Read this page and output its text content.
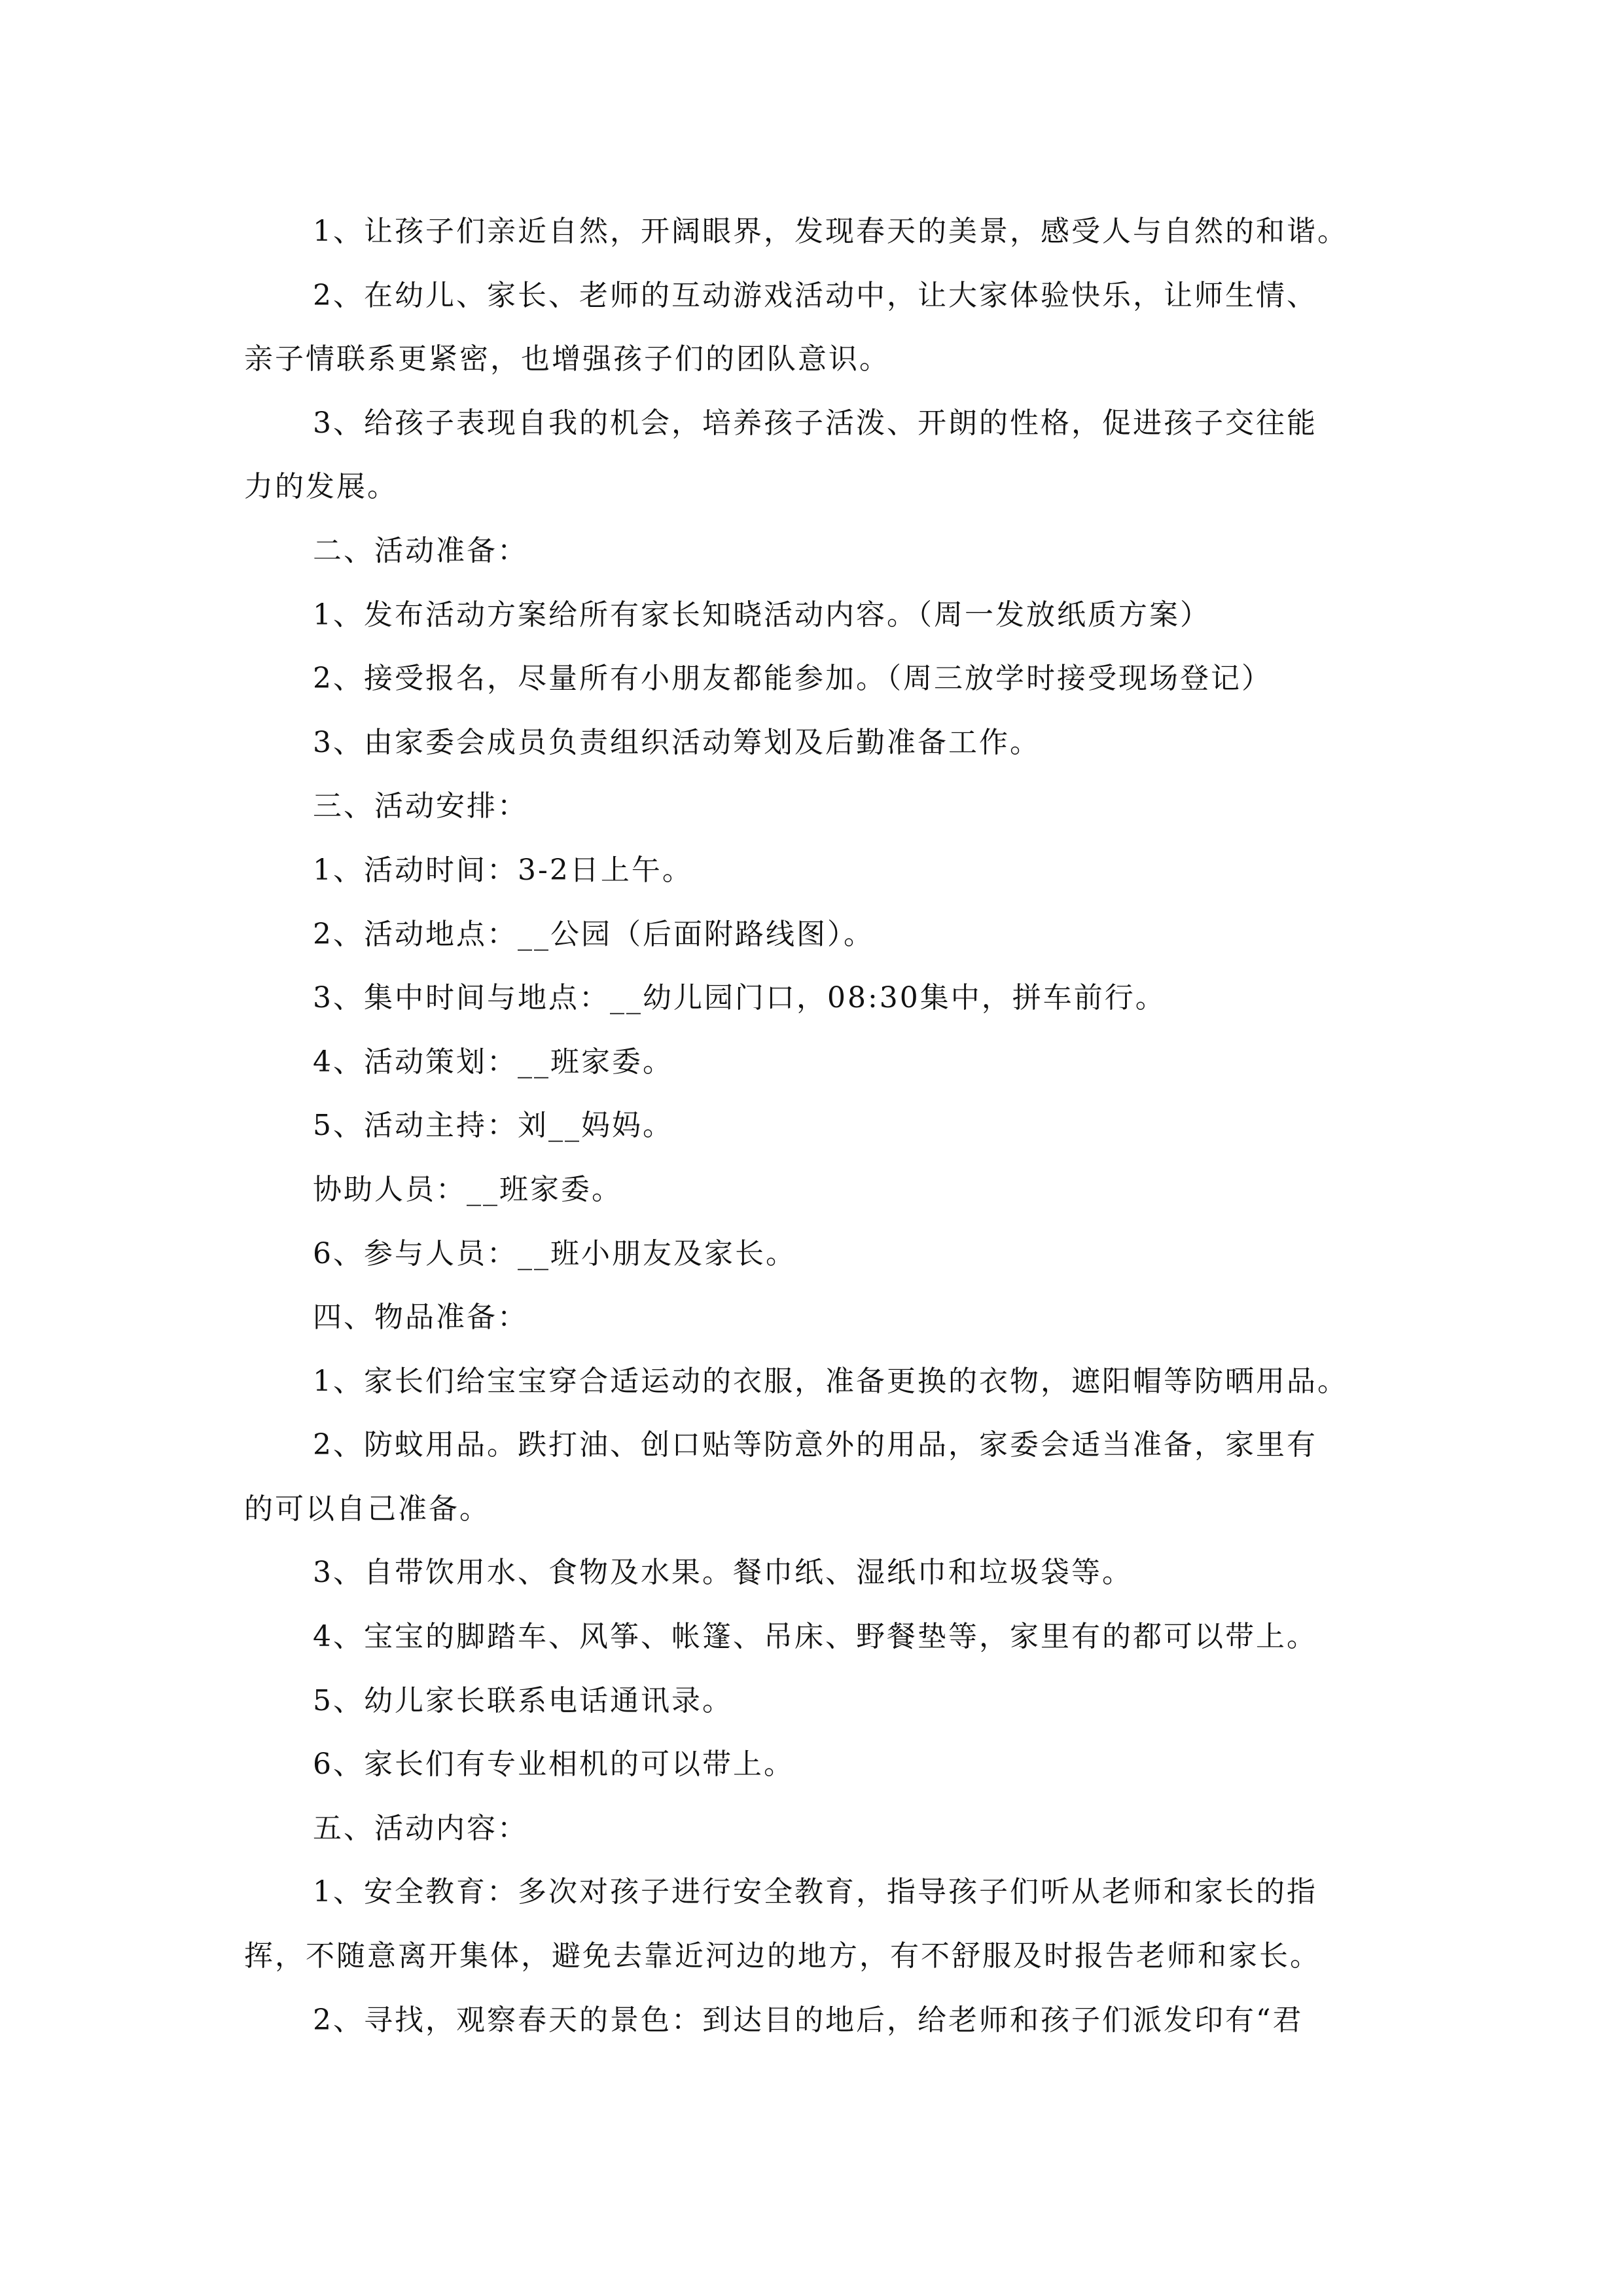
1、让孩子们亲近自然，开阔眼界，发现春天的美景，感受人与自然的和谐。
2、在幼儿、家长、老师的互动游戏活动中，让大家体验快乐，让师生情、
亲子情联系更紧密，也增强孩子们的团队意识。
3、给孩子表现自我的机会，培养孩子活泼、开朗的性格，促进孩子交往能
力的发展。
二、活动准备：
1、发布活动方案给所有家长知晓活动内容。（周一发放纸质方案）
2、接受报名，尽量所有小朋友都能参加。（周三放学时接受现场登记）
3、由家委会成员负责组织活动筹划及后勤准备工作。
三、活动安排：
1、活动时间：3-2日上午。
2、活动地点：__公园（后面附路线图）。
3、集中时间与地点：__幼儿园门口，08:30集中，拼车前行。
4、活动策划：__班家委。
5、活动主持：刘__妈妈。
协助人员：__班家委。
6、参与人员：__班小朋友及家长。
四、物品准备：
1、家长们给宝宝穿合适运动的衣服，准备更换的衣物，遮阳帽等防晒用品。
2、防蚊用品。跌打油、创口贴等防意外的用品，家委会适当准备，家里有
的可以自己准备。
3、自带饮用水、食物及水果。餐巾纸、湿纸巾和垃圾袋等。
4、宝宝的脚踏车、风筝、帐篷、吊床、野餐垫等，家里有的都可以带上。
5、幼儿家长联系电话通讯录。
6、家长们有专业相机的可以带上。
五、活动内容：
1、安全教育：多次对孩子进行安全教育，指导孩子们听从老师和家长的指
挥，不随意离开集体，避免去靠近河边的地方，有不舒服及时报告老师和家长。
2、寻找，观察春天的景色：到达目的地后，给老师和孩子们派发印有“君
